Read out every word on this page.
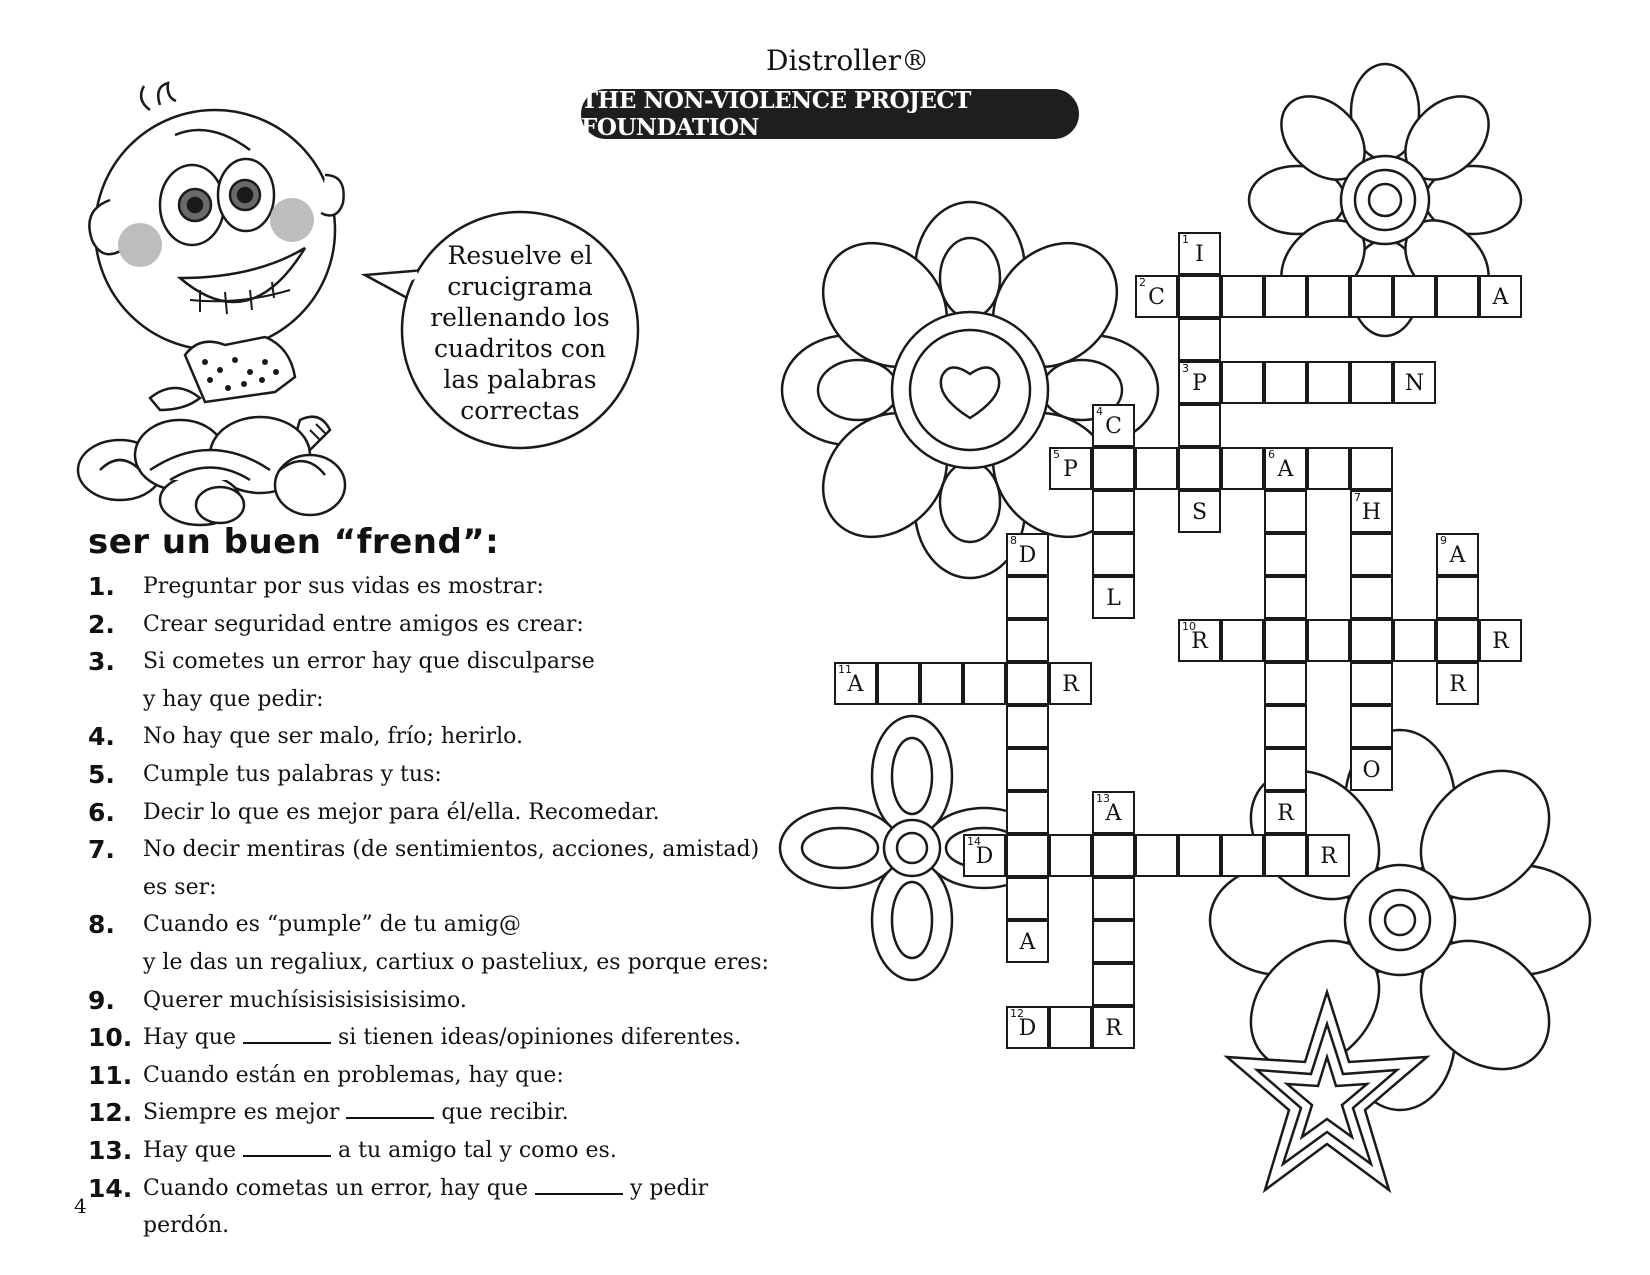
Distroller®
THE NON-VIOLENCE PROJECT FOUNDATION
Resuelve el
crucigrama
rellenando los
cuadritos con
las palabras
correctas
ser un buen “frend”:
1.	Preguntar por sus vidas es mostrar:
2.	Crear seguridad entre amigos es crear:
3.	Si cometes un error hay que disculparse
y hay que pedir:
4.	No hay que ser malo, frío; herirlo.
5.	Cumple tus palabras y tus:
6.	Decir lo que es mejor para él/ella. Recomedar.
7.	No decir mentiras (de sentimientos, acciones, amistad) es ser:
8.	Cuando es “pumple” de tu amig@
y le das un regaliux, cartiux o pasteliux, es porque eres:
9.	Querer muchísisisisisisisimo.
10. Hay que	si tienen ideas/opiniones diferentes.
11. Cuando están en problemas, hay que:
12. Siempre es mejor	que recibir.
13. Hay que	a tu amigo tal y como es.
14. Cuando cometas un error, hay que	y pedir perdón.
4
1
I
3
P
S
2
C	A
N
4
C
L
5
P
6
A
R
7
H
O
8
D
A
9
A
R
10
R	R
11
A	R
12
D	R
13
A
14
D	R
